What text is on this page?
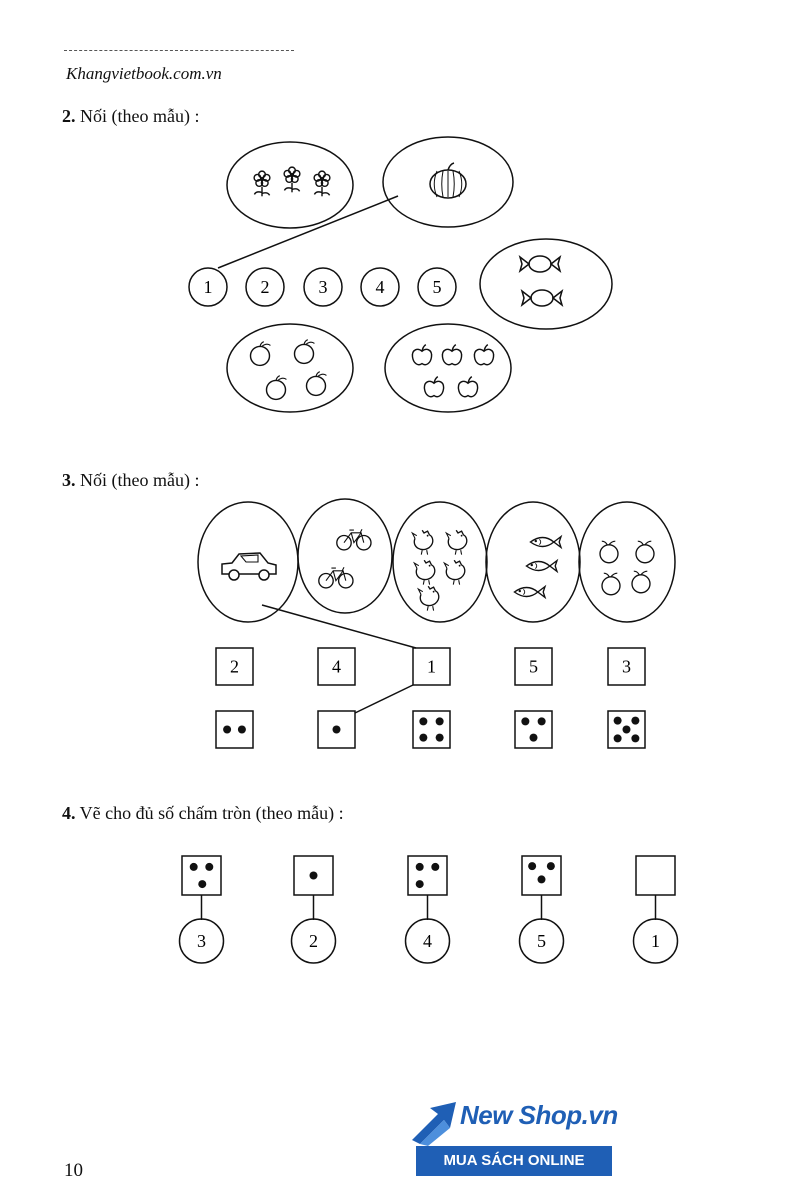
Khangvietbook.com.vn
2. Nối (theo mẫu) :
3. Nối (theo mẫu) :
4. Vẽ cho đủ số chấm tròn (theo mẫu) :
1	2	3	4	5
2	4	1	5	3
3	2	4	5	1
10
New Shop.vn
MUA SÁCH ONLINE
